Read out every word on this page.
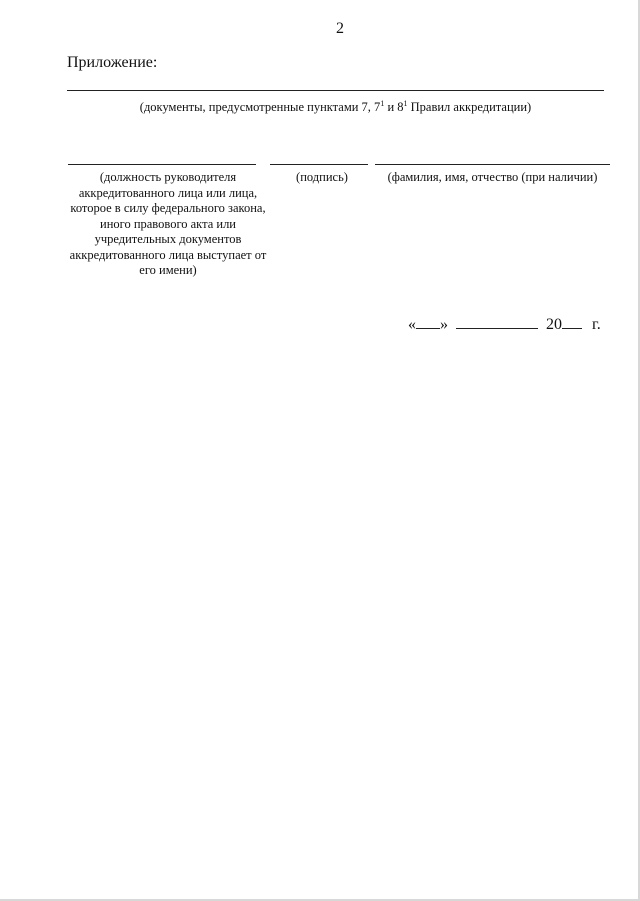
2
Приложение:
(документы, предусмотренные пунктами 7, $7^1$ и $8^1$ Правил аккредитации)
(должность руководителя аккредитованного лица или лица, которое в силу федерального закона, иного правового акта или учредительных документов аккредитованного лица выступает от его имени)
(подпись)	(фамилия, имя, отчество (при наличии)
« »	20 г.
